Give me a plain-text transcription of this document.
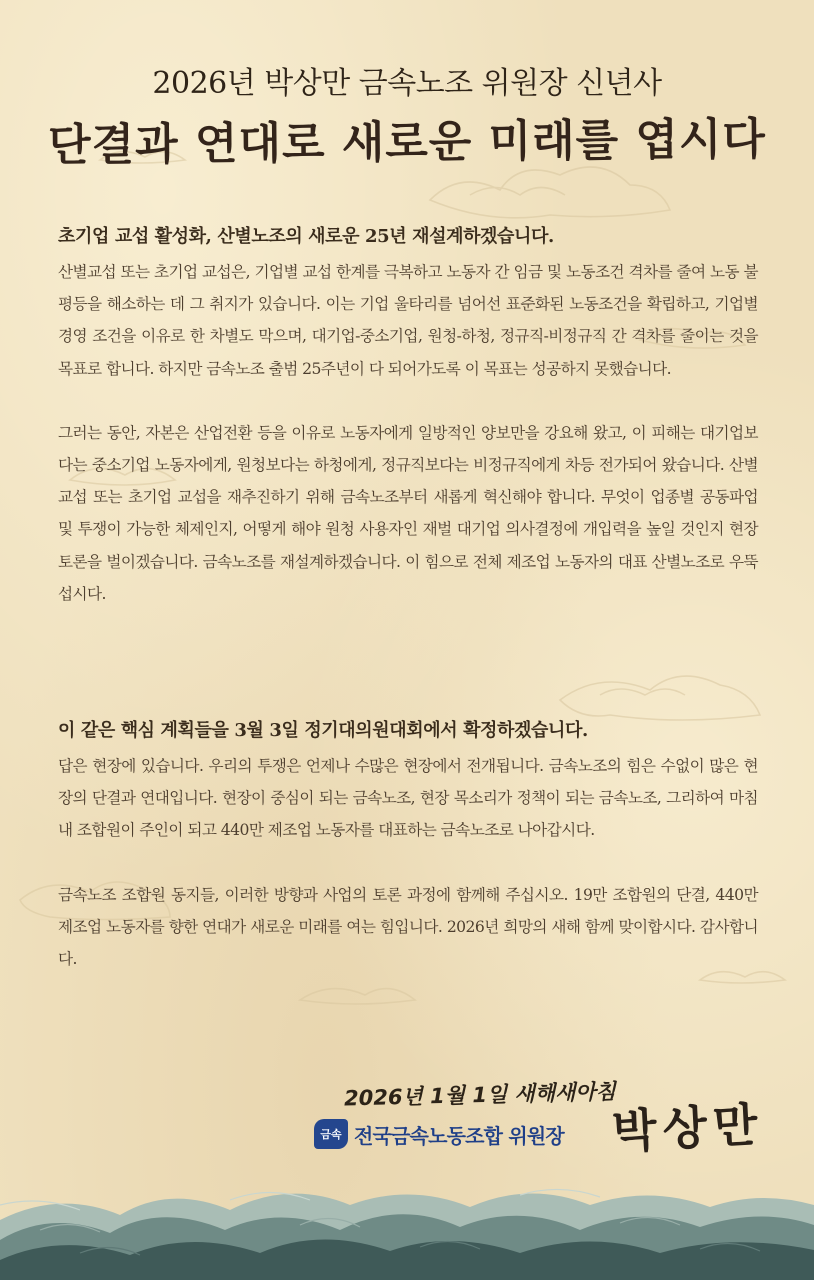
2026년 박상만 금속노조 위원장 신년사
단결과 연대로 새로운 미래를 엽시다
초기업 교섭 활성화, 산별노조의 새로운 25년 재설계하겠습니다.

산별교섭 또는 초기업 교섭은, 기업별 교섭 한계를 극복하고 노동자 간 임금 및 노동조건 격차를 줄여 노동 불평등을 해소하는 데 그 취지가 있습니다. 이는 기업 울타리를 넘어선 표준화된 노동조건을 확립하고, 기업별 경영 조건을 이유로 한 차별도 막으며, 대기업-중소기업, 원청-하청, 정규직-비정규직 간 격차를 줄이는 것을 목표로 합니다. 하지만 금속노조 출범 25주년이 다 되어가도록 이 목표는 성공하지 못했습니다.

그러는 동안, 자본은 산업전환 등을 이유로 노동자에게 일방적인 양보만을 강요해 왔고, 이 피해는 대기업보다는 중소기업 노동자에게, 원청보다는 하청에게, 정규직보다는 비정규직에게 차등 전가되어 왔습니다. 산별교섭 또는 초기업 교섭을 재추진하기 위해 금속노조부터 새롭게 혁신해야 합니다. 무엇이 업종별 공동파업 및 투쟁이 가능한 체제인지, 어떻게 해야 원청 사용자인 재벌 대기업 의사결정에 개입력을 높일 것인지 현장 토론을 벌이겠습니다. 금속노조를 재설계하겠습니다. 이 힘으로 전체 제조업 노동자의 대표 산별노조로 우뚝 섭시다.

이 같은 핵심 계획들을 3월 3일 정기대의원대회에서 확정하겠습니다.

답은 현장에 있습니다. 우리의 투쟁은 언제나 수많은 현장에서 전개됩니다. 금속노조의 힘은 수없이 많은 현장의 단결과 연대입니다. 현장이 중심이 되는 금속노조, 현장 목소리가 정책이 되는 금속노조, 그리하여 마침내 조합원이 주인이 되고 440만 제조업 노동자를 대표하는 금속노조로 나아갑시다.

금속노조 조합원 동지들, 이러한 방향과 사업의 토론 과정에 함께해 주십시오. 19만 조합원의 단결, 440만 제조업 노동자를 향한 연대가 새로운 미래를 여는 힘입니다. 2026년 희망의 새해 함께 맞이합시다. 감사합니다.

2026년 1월 1일 새해새아침
금속 전국금속노동조합 위원장 박상만
